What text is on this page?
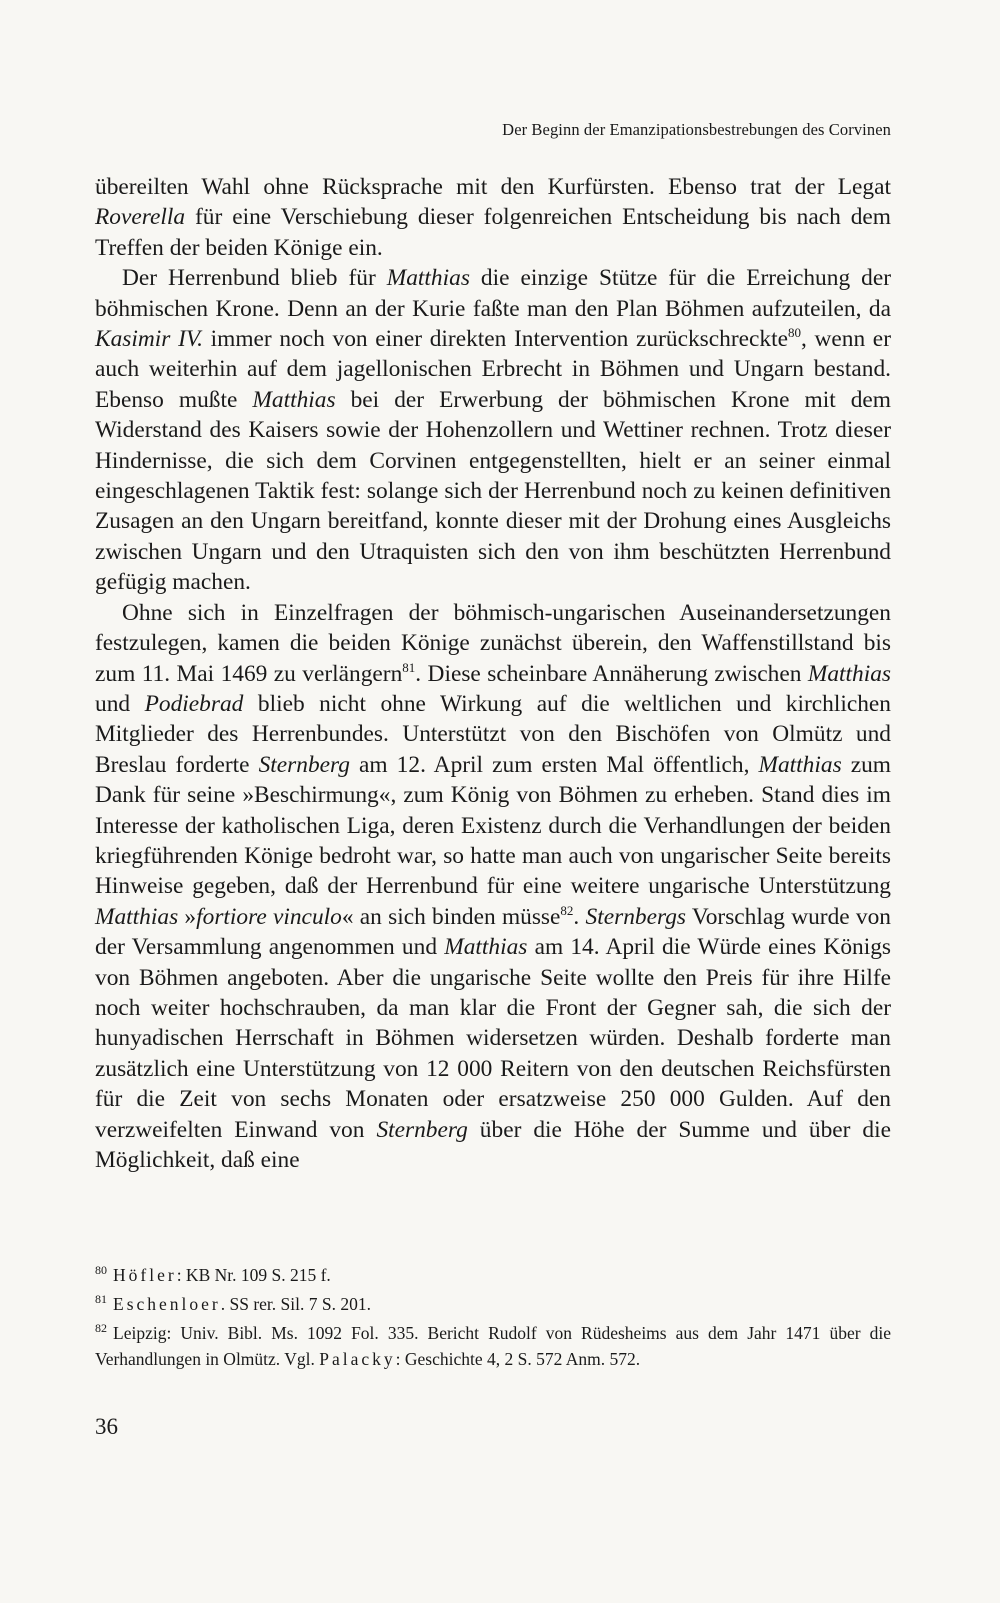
Der Beginn der Emanzipationsbestrebungen des Corvinen

übereilten Wahl ohne Rücksprache mit den Kurfürsten. Ebenso trat der Legat Roverella für eine Verschiebung dieser folgenreichen Entscheidung bis nach dem Treffen der beiden Könige ein.

Der Herrenbund blieb für Matthias die einzige Stütze für die Erreichung der böhmischen Krone. Denn an der Kurie faßte man den Plan Böhmen aufzuteilen, da Kasimir IV. immer noch von einer direkten Intervention zurückschreckte$^{80}$, wenn er auch weiterhin auf dem jagellonischen Erbrecht in Böhmen und Ungarn bestand. Ebenso mußte Matthias bei der Erwerbung der böhmischen Krone mit dem Widerstand des Kaisers sowie der Hohenzollern und Wettiner rechnen. Trotz dieser Hindernisse, die sich dem Corvinen entgegenstellten, hielt er an seiner einmal eingeschlagenen Taktik fest: solange sich der Herrenbund noch zu keinen definitiven Zusagen an den Ungarn bereitfand, konnte dieser mit der Drohung eines Ausgleichs zwischen Ungarn und den Utraquisten sich den von ihm beschützten Herrenbund gefügig machen.

Ohne sich in Einzelfragen der böhmisch-ungarischen Auseinandersetzungen festzulegen, kamen die beiden Könige zunächst überein, den Waffenstillstand bis zum 11. Mai 1469 zu verlängern$^{81}$. Diese scheinbare Annäherung zwischen Matthias und Podiebrad blieb nicht ohne Wirkung auf die weltlichen und kirchlichen Mitglieder des Herrenbundes. Unterstützt von den Bischöfen von Olmütz und Breslau forderte Sternberg am 12. April zum ersten Mal öffentlich, Matthias zum Dank für seine »Beschirmung«, zum König von Böhmen zu erheben. Stand dies im Interesse der katholischen Liga, deren Existenz durch die Verhandlungen der beiden kriegführenden Könige bedroht war, so hatte man auch von ungarischer Seite bereits Hinweise gegeben, daß der Herrenbund für eine weitere ungarische Unterstützung Matthias »fortiore vinculo« an sich binden müsse$^{82}$. Sternbergs Vorschlag wurde von der Versammlung angenommen und Matthias am 14. April die Würde eines Königs von Böhmen angeboten. Aber die ungarische Seite wollte den Preis für ihre Hilfe noch weiter hochschrauben, da man klar die Front der Gegner sah, die sich der hunyadischen Herrschaft in Böhmen widersetzen würden. Deshalb forderte man zusätzlich eine Unterstützung von 12 000 Reitern von den deutschen Reichsfürsten für die Zeit von sechs Monaten oder ersatzweise 250 000 Gulden. Auf den verzweifelten Einwand von Sternberg über die Höhe der Summe und über die Möglichkeit, daß eine

$^{80}$ Höfler: KB Nr. 109 S. 215 f.

$^{81}$ Eschenloer. SS rer. Sil. 7 S. 201.

$^{82}$ Leipzig: Univ. Bibl. Ms. 1092 Fol. 335. Bericht Rudolf von Rüdesheims aus dem Jahr 1471 über die Verhandlungen in Olmütz. Vgl. Palacky: Geschichte 4, 2 S. 572 Anm. 572.

36
